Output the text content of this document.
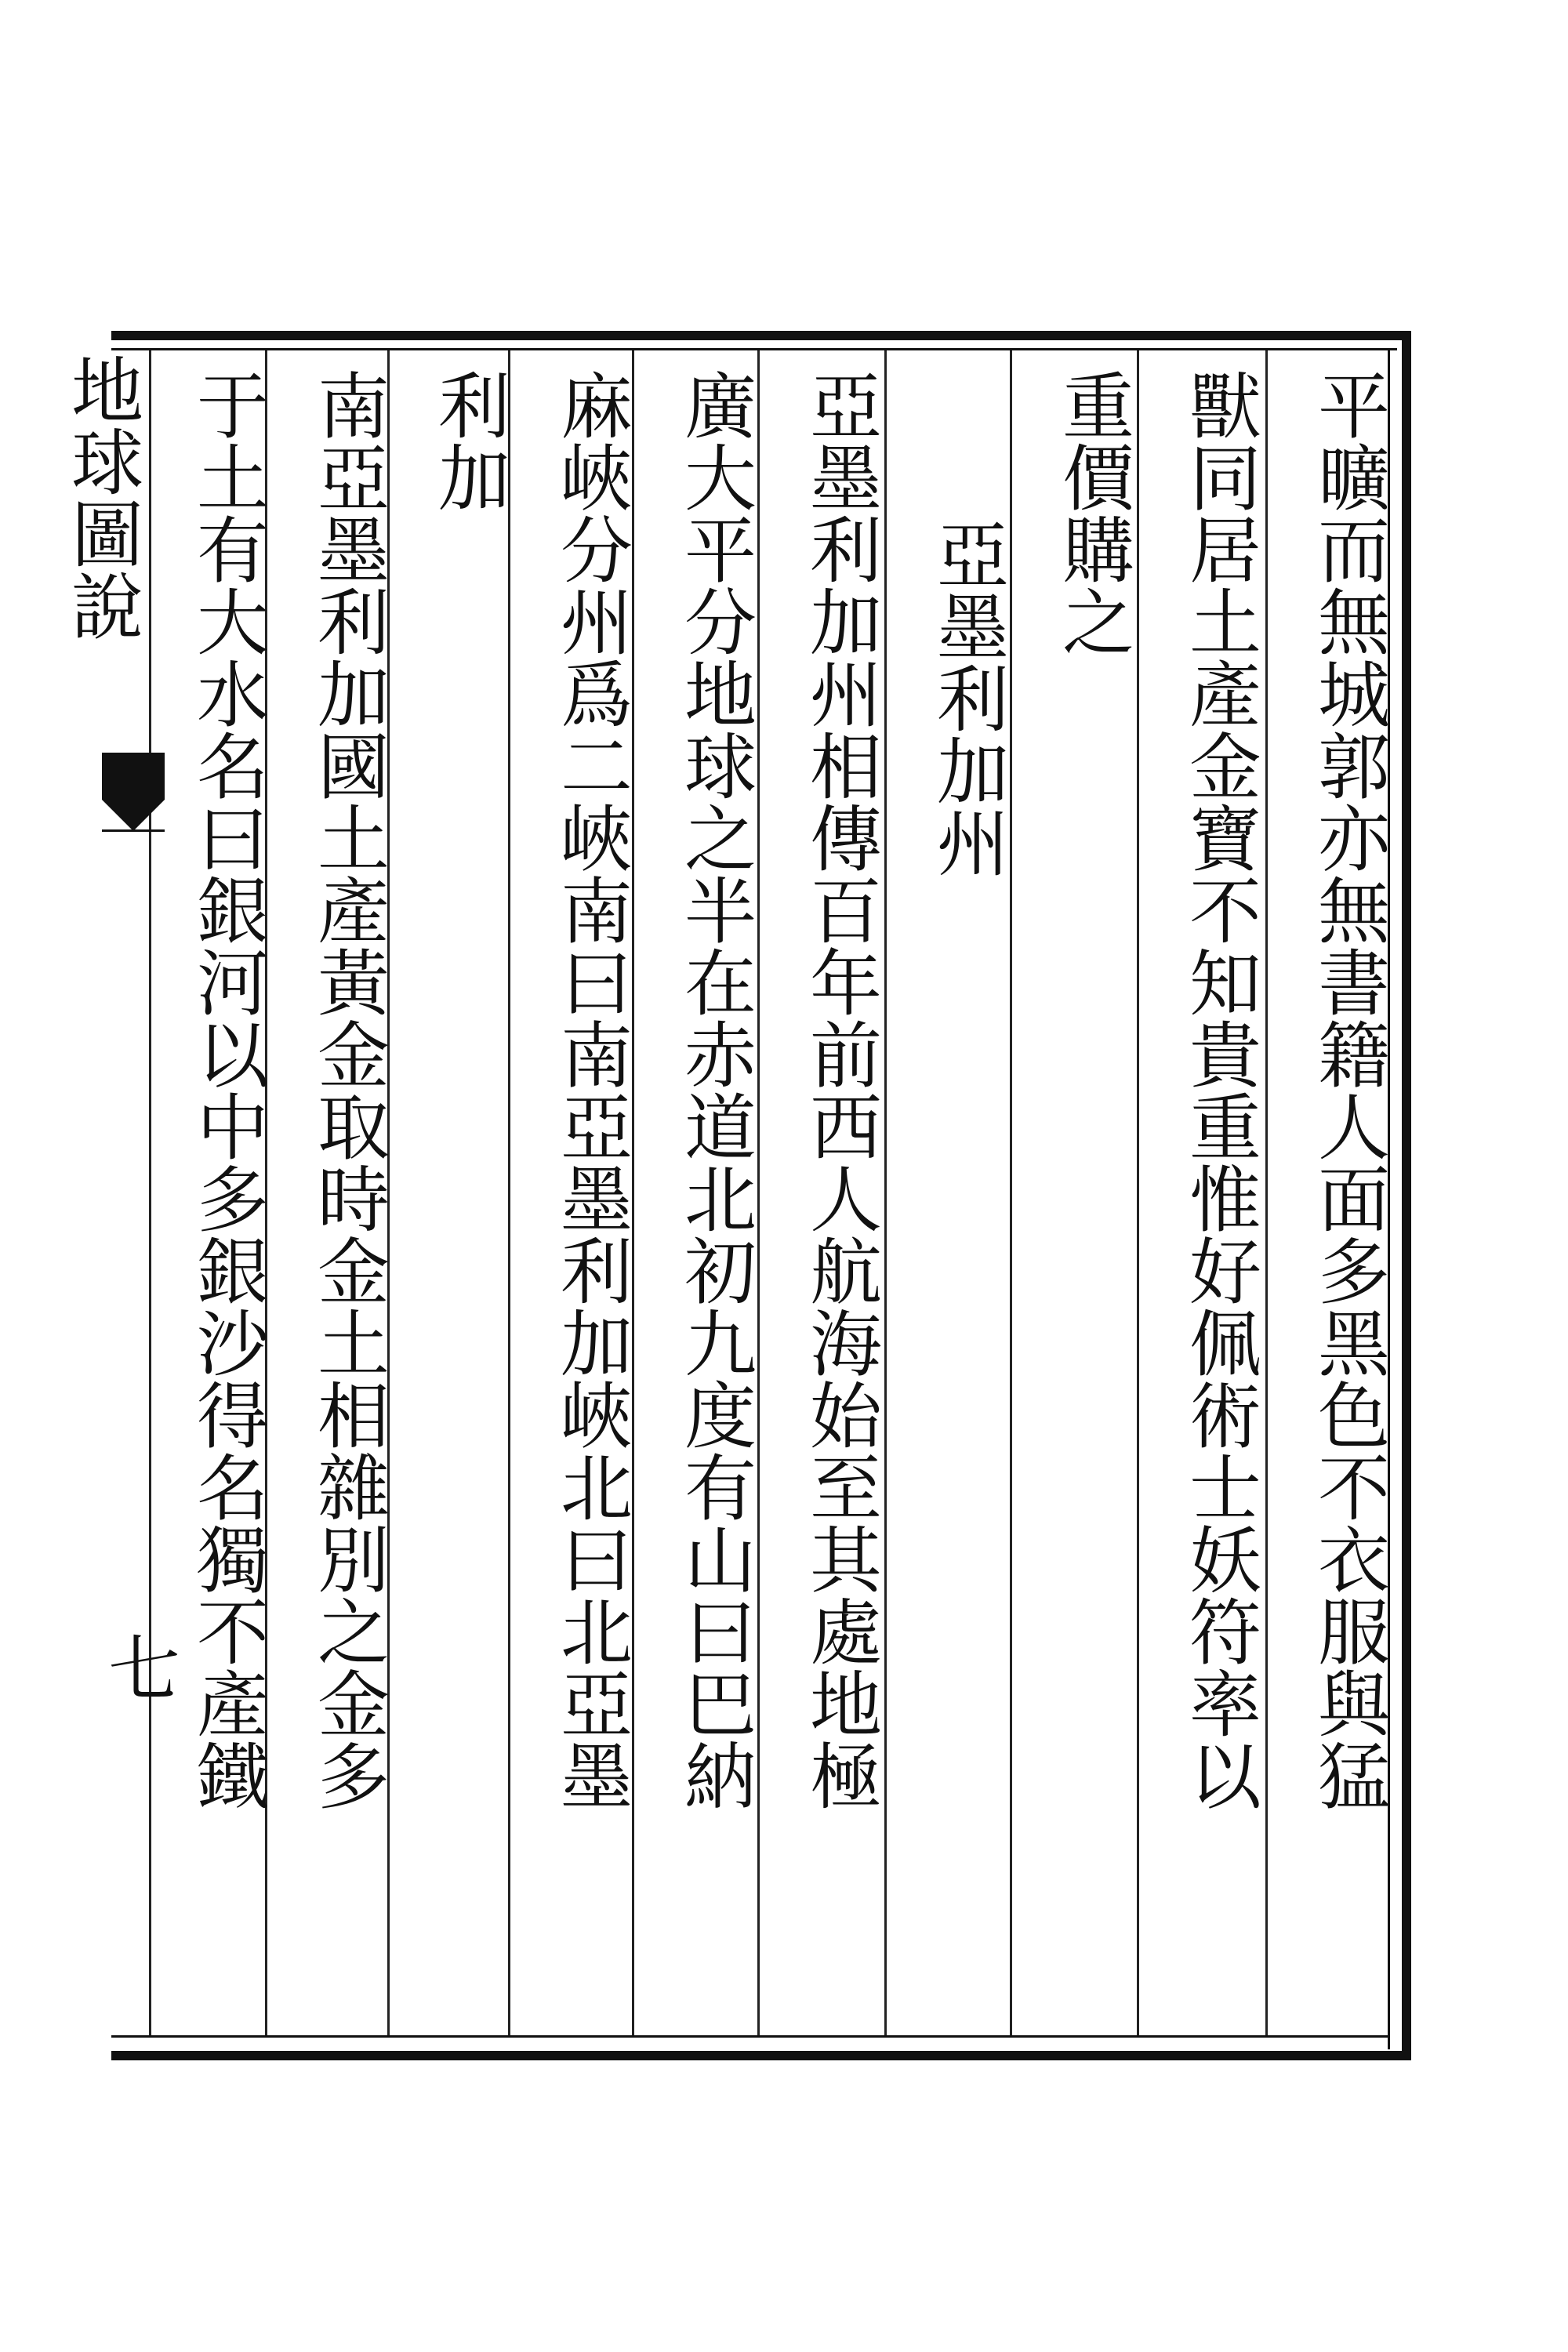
平曠而無城郭亦無書籍人面多黑色不衣服與猛
獸同居土產金寶不知貴重惟好佩術士妖符率以
重價購之
亞墨利加州
亞墨利加州相傳百年前西人航海始至其處地極
廣大平分地球之半在赤道北初九度有山曰巴納
麻峽分州爲二峽南曰南亞墨利加峽北曰北亞墨
利加
南亞墨利加國土產黃金取時金土相雜別之金多
于土有大水名曰銀河以中多銀沙得名獨不產鐵
地球圖說
七
